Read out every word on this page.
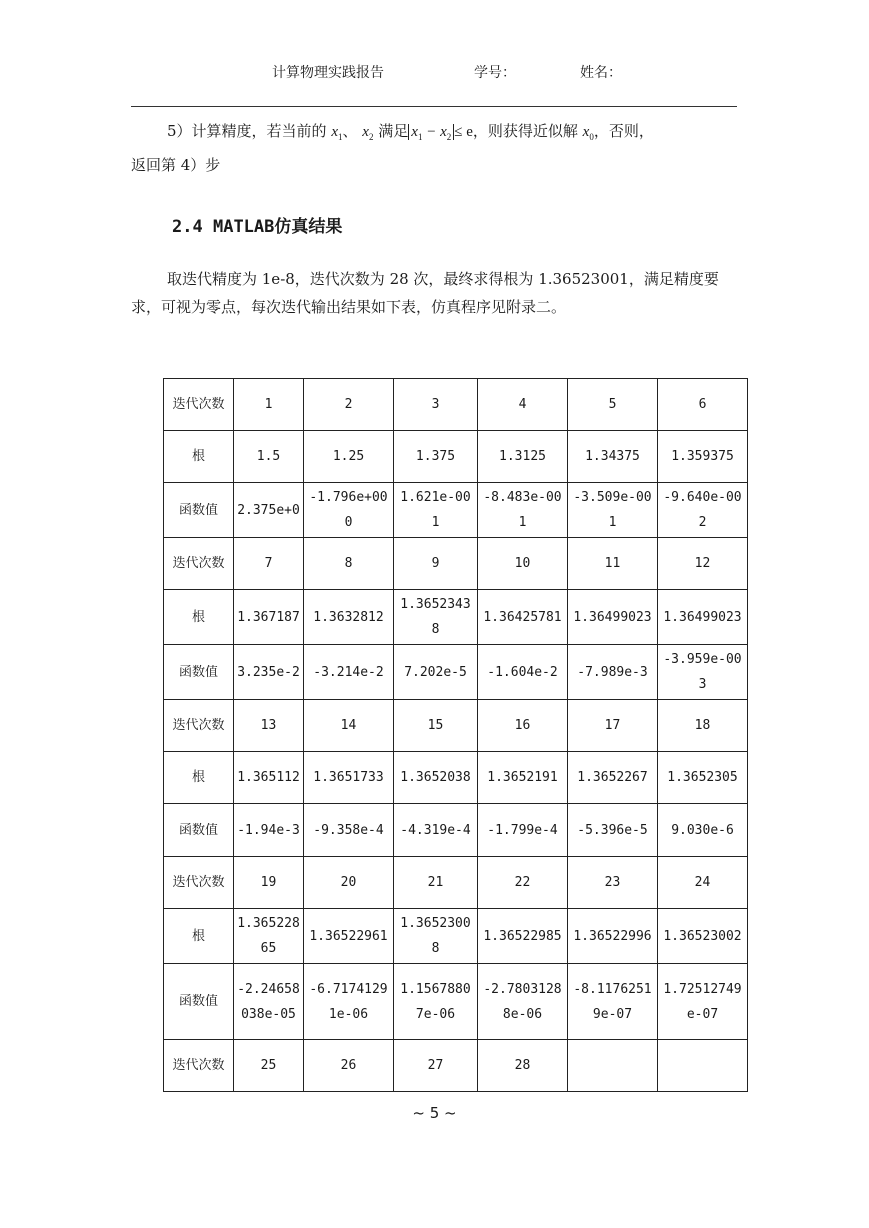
计算物理实践报告	学号：	姓名：
5）计算精度，若当前的 $x_1$、 $x_2$ 满足 $x_1 - x_2 \le e$，则获得近似解 $x_0$，否则，
返回第 4）步
2.4 MATLAB仿真结果
取迭代精度为 1e-8，迭代次数为 28 次，最终求得根为 1.36523001，满足精度要求，可视为零点，每次迭代输出结果如下表，仿真程序见附录二。
迭代次数	1	2	3	4	5	6
根	1.5	1.25	1.375	1.3125	1.34375	1.359375
函数值	2.375e+0	-1.796e+000	1.621e-001	-8.483e-001	-3.509e-001	-9.640e-002
迭代次数	7	8	9	10	11	12
根	1.367187	1.3632812	1.36523438	1.36425781	1.36499023	1.36499023
函数值	3.235e-2	-3.214e-2	7.202e-5	-1.604e-2	-7.989e-3	-3.959e-003
迭代次数	13	14	15	16	17	18
根	1.365112	1.3651733	1.3652038	1.3652191	1.3652267	1.3652305
函数值	-1.94e-3	-9.358e-4	-4.319e-4	-1.799e-4	-5.396e-5	9.030e-6
迭代次数	19	20	21	22	23	24
根	1.36522865	1.36522961	1.36523008	1.36522985	1.36522996	1.36523002
函数值	-2.24658038e-05	-6.71741291e-06	1.15678807e-06	-2.78031288e-06	-8.11762519e-07	1.72512749e-07
迭代次数	25	26	27	28		
~ 5 ~
